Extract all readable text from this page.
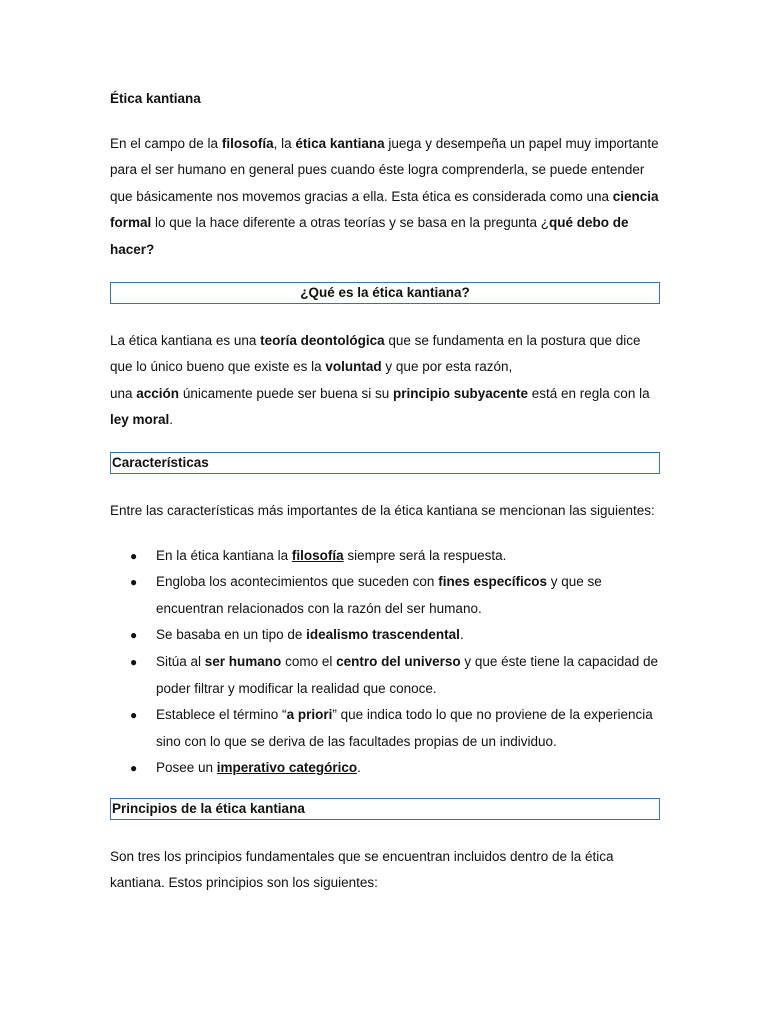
Ética kantiana

En el campo de la filosofía, la ética kantiana juega y desempeña un papel muy importante para el ser humano en general pues cuando éste logra comprenderla, se puede entender que básicamente nos movemos gracias a ella. Esta ética es considerada como una ciencia formal lo que la hace diferente a otras teorías y se basa en la pregunta ¿qué debo de hacer?

¿Qué es la ética kantiana?

La ética kantiana es una teoría deontológica que se fundamenta en la postura que dice que lo único bueno que existe es la voluntad y que por esta razón,
una acción únicamente puede ser buena si su principio subyacente está en regla con la ley moral.

Características

Entre las características más importantes de la ética kantiana se mencionan las siguientes:

● En la ética kantiana la filosofía siempre será la respuesta.
● Engloba los acontecimientos que suceden con fines específicos y que se encuentran relacionados con la razón del ser humano.
● Se basaba en un tipo de idealismo trascendental.
● Sitúa al ser humano como el centro del universo y que éste tiene la capacidad de poder filtrar y modificar la realidad que conoce.
● Establece el término “a priori” que indica todo lo que no proviene de la experiencia sino con lo que se deriva de las facultades propias de un individuo.
● Posee un imperativo categórico.
Principios de la ética kantiana

Son tres los principios fundamentales que se encuentran incluidos dentro de la ética kantiana. Estos principios son los siguientes:
